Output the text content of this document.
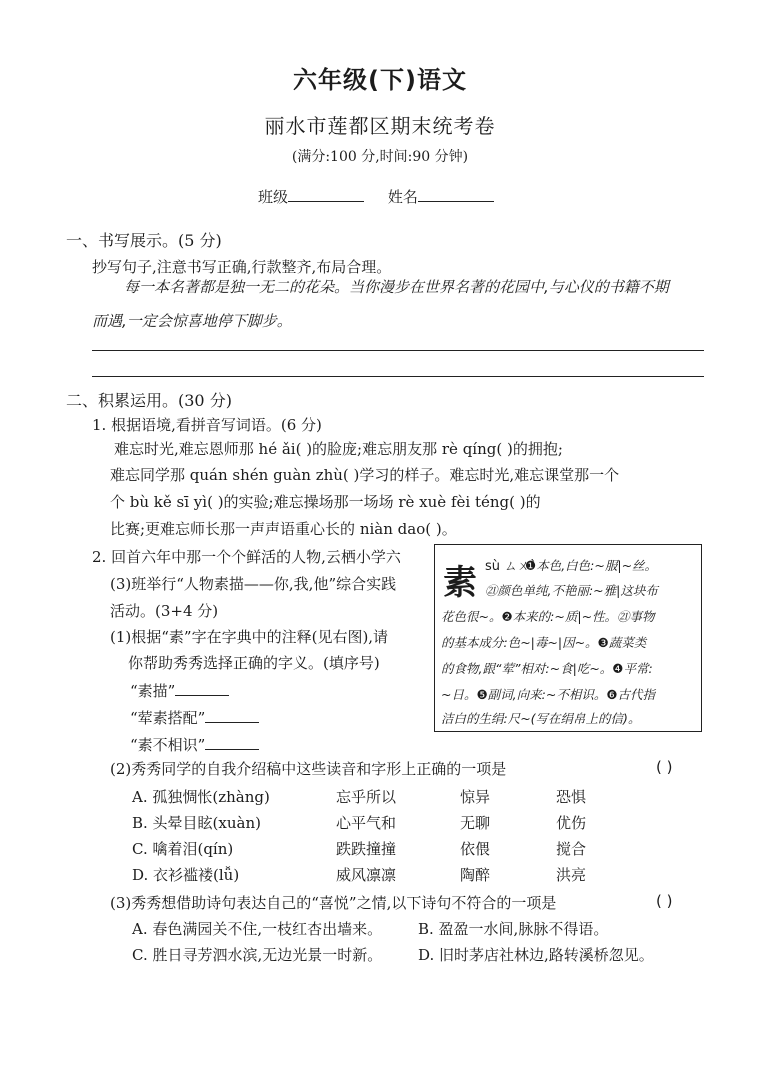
六年级(下)语文
丽水市莲都区期末统考卷
(满分:100 分,时间:90 分钟)
班级	姓名
一、书写展示。(5 分)
抄写句子,注意书写正确,行款整齐,布局合理。
每一本名著都是独一无二的花朵。当你漫步在世界名著的花园中,与心仪的书籍不期
而遇,一定会惊喜地停下脚步。
二、积累运用。(30 分)
1. 根据语境,看拼音写词语。(6 分)
难忘时光,难忘恩师那 hé ǎi( )的脸庞;难忘朋友那 rè qíng( )的拥抱;
难忘同学那 quán shén guàn zhù( )学习的样子。难忘时光,难忘课堂那一个
个 bù kě sī yì( )的实验;难忘操场那一场场 rè xuè fèi téng( )的
比赛;更难忘师长那一声声语重心长的 niàn dao( )。
2. 回首六年中那一个个鲜活的人物,云栖小学六
(3)班举行“人物素描——你,我,他”综合实践
活动。(3+4 分)
(1)根据“素”字在字典中的注释(见右图),请
你帮助秀秀选择正确的字义。(填序号)
“素描”
“荤素搭配”
“素不相识”
素 sù ㄙㄨˋ
❶本色,白色:~服|~丝。
㉑颜色单纯,不艳丽:~雅|这块布
花色很~。❷本来的:~质|~性。㉑事物
的基本成分:色~|毒~|因~。❸蔬菜类
的食物,跟“荤”相对:~食|吃~。❹平常:
~日。❺副词,向来:~不相识。❻古代指
洁白的生绢:尺~(写在绢帛上的信)。
(2)秀秀同学的自我介绍稿中这些读音和字形上正确的一项是	( )
A. 孤独惆怅(zhàng)	忘乎所以	惊异	恐惧
B. 头晕目眩(xuàn)	心平气和	无聊	优伤
C. 噙着泪(qín)	跌跌撞撞	依偎	搅合
D. 衣衫褴褛(lǚ)	威风凛凛	陶醉	洪亮
(3)秀秀想借助诗句表达自己的“喜悦”之情,以下诗句不符合的一项是	( )
A. 春色满园关不住,一枝红杏出墙来。 B. 盈盈一水间,脉脉不得语。
C. 胜日寻芳泗水滨,无边光景一时新。 D. 旧时茅店社林边,路转溪桥忽见。
